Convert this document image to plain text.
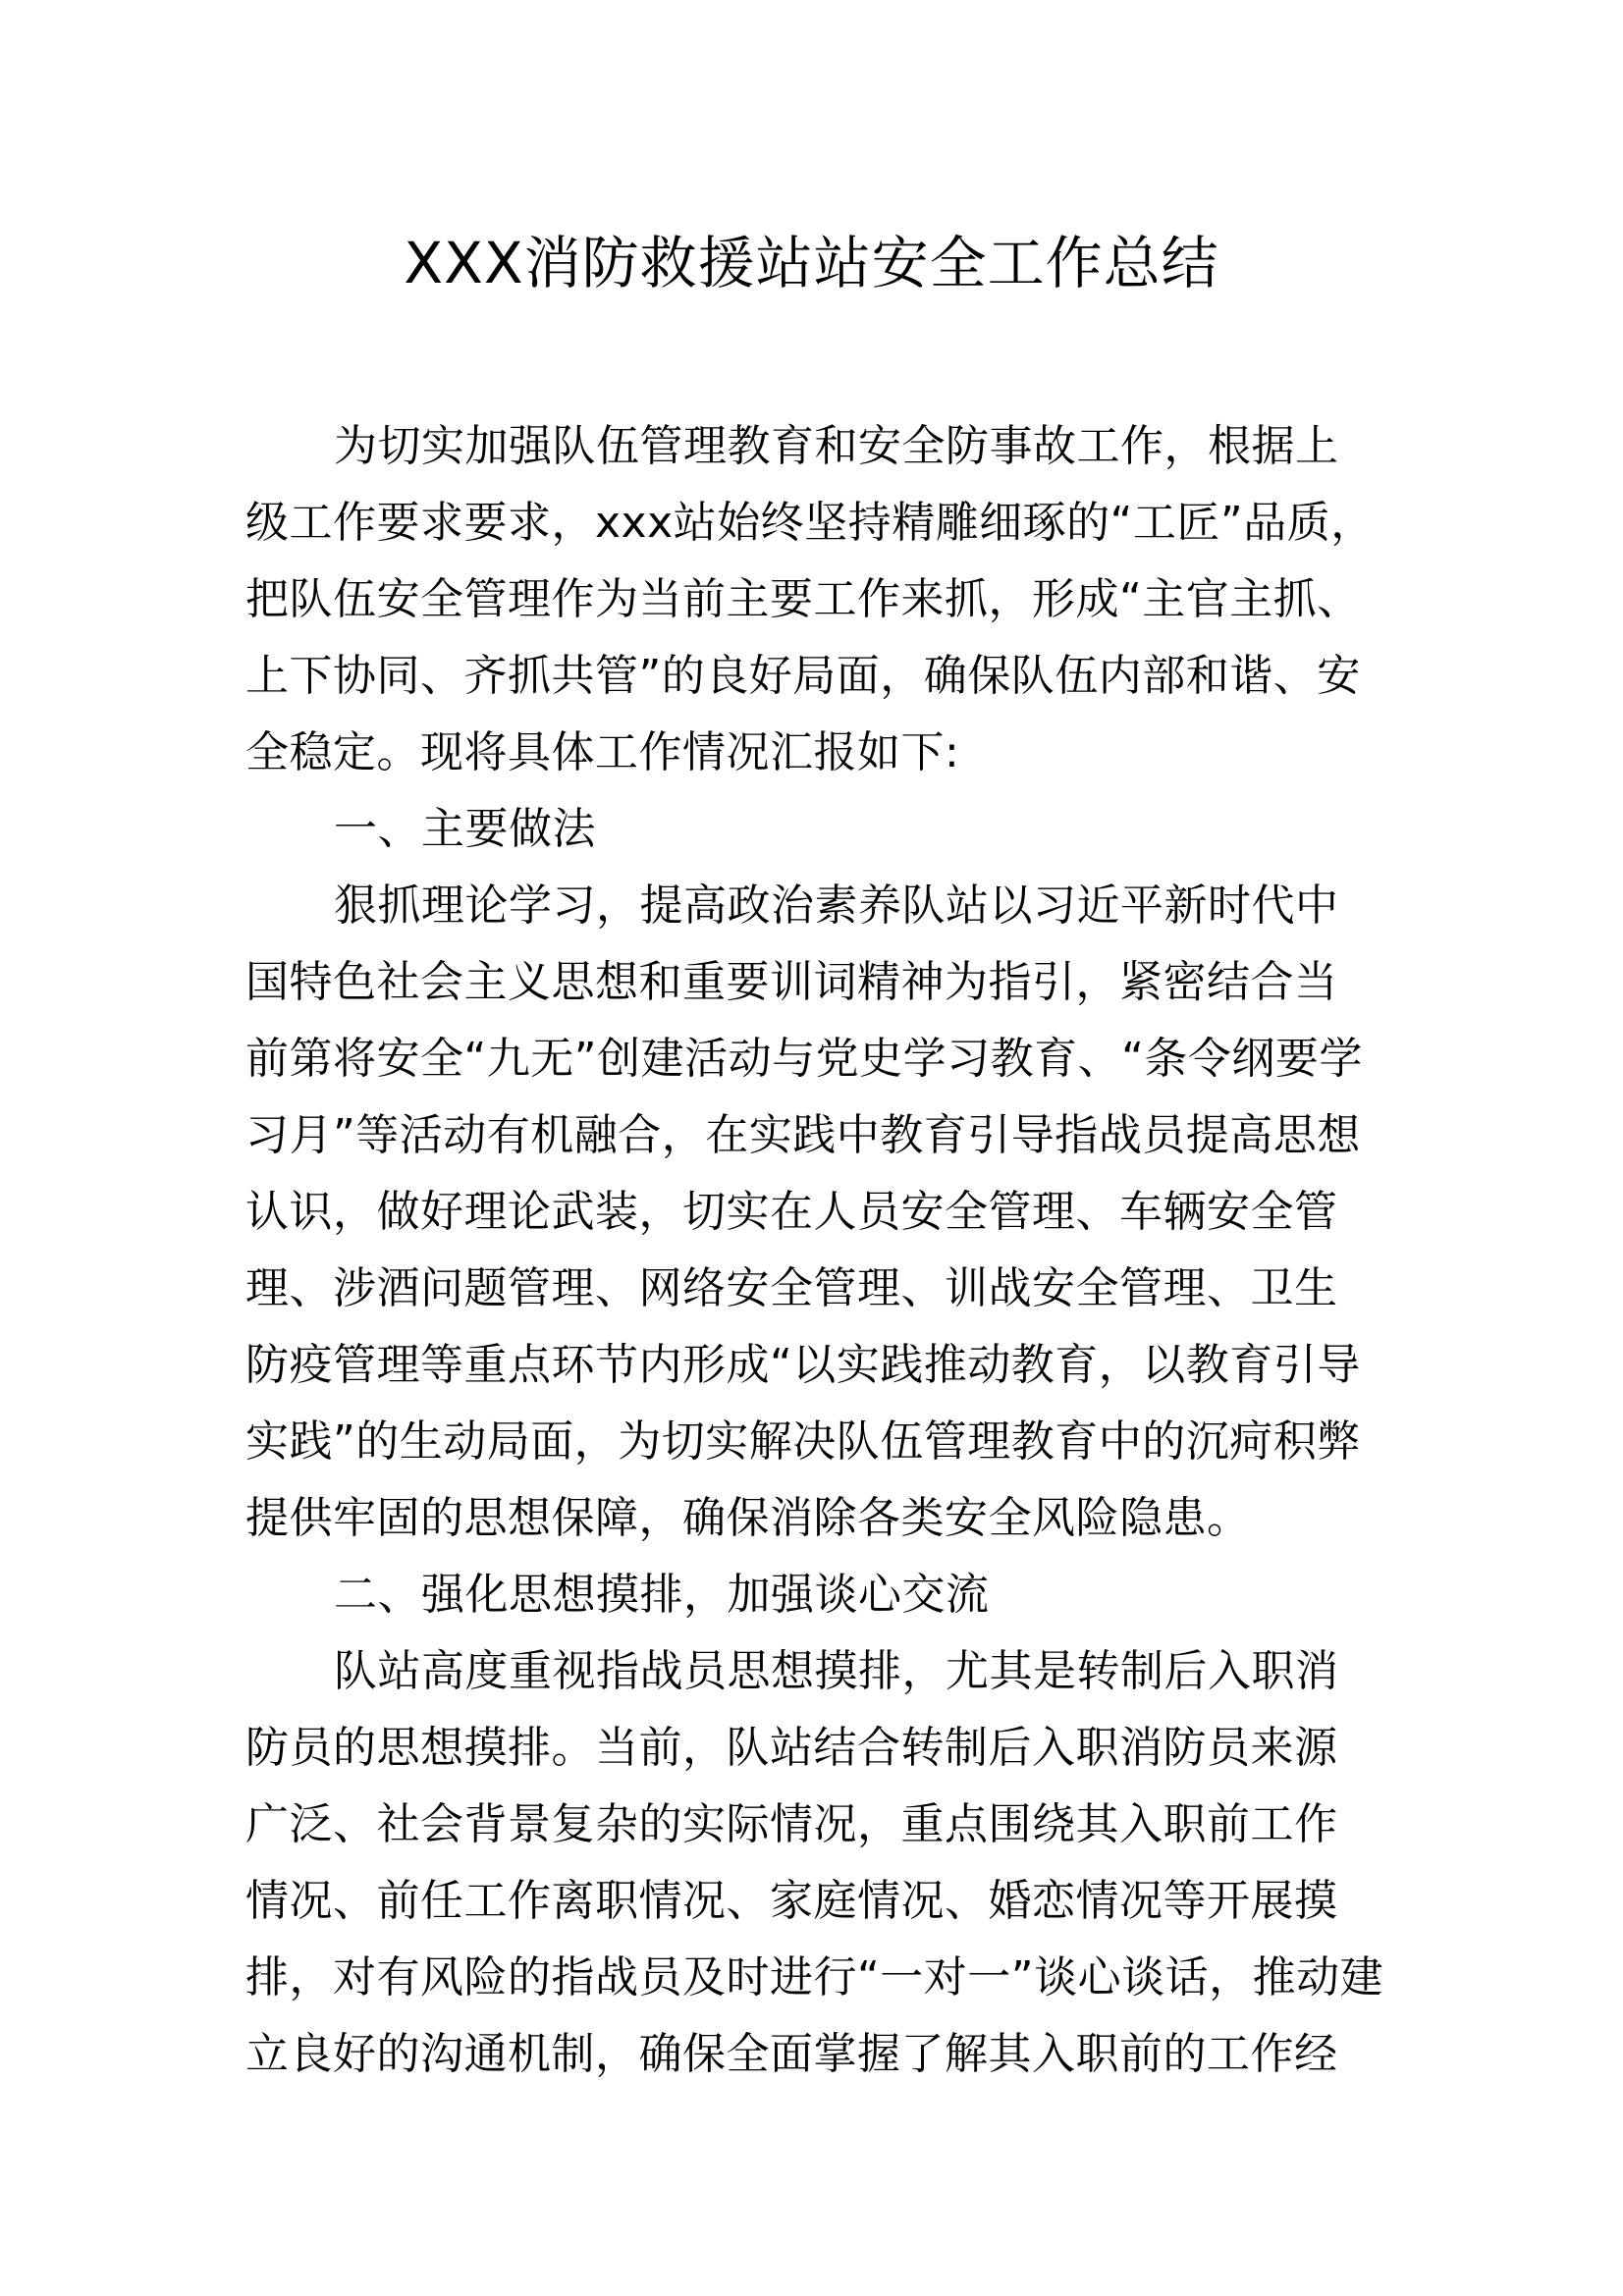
XXX消防救援站站安全工作总结
为切实加强队伍管理教育和安全防事故工作，根据上
级工作要求要求，xxx站始终坚持精雕细琢的“工匠”品质，
把队伍安全管理作为当前主要工作来抓，形成“主官主抓、
上下协同、齐抓共管”的良好局面，确保队伍内部和谐、安
全稳定。现将具体工作情况汇报如下:
一、主要做法
狠抓理论学习，提高政治素养队站以习近平新时代中
国特色社会主义思想和重要训词精神为指引，紧密结合当
前第将安全“九无”创建活动与党史学习教育、“条令纲要学
习月”等活动有机融合，在实践中教育引导指战员提高思想
认识，做好理论武装，切实在人员安全管理、车辆安全管
理、涉酒问题管理、网络安全管理、训战安全管理、卫生
防疫管理等重点环节内形成“以实践推动教育，以教育引导
实践”的生动局面，为切实解决队伍管理教育中的沉疴积弊
提供牢固的思想保障，确保消除各类安全风险隐患。
二、强化思想摸排，加强谈心交流
队站高度重视指战员思想摸排，尤其是转制后入职消
防员的思想摸排。当前，队站结合转制后入职消防员来源
广泛、社会背景复杂的实际情况，重点围绕其入职前工作
情况、前任工作离职情况、家庭情况、婚恋情况等开展摸
排，对有风险的指战员及时进行“一对一”谈心谈话，推动建
立良好的沟通机制，确保全面掌握了解其入职前的工作经
